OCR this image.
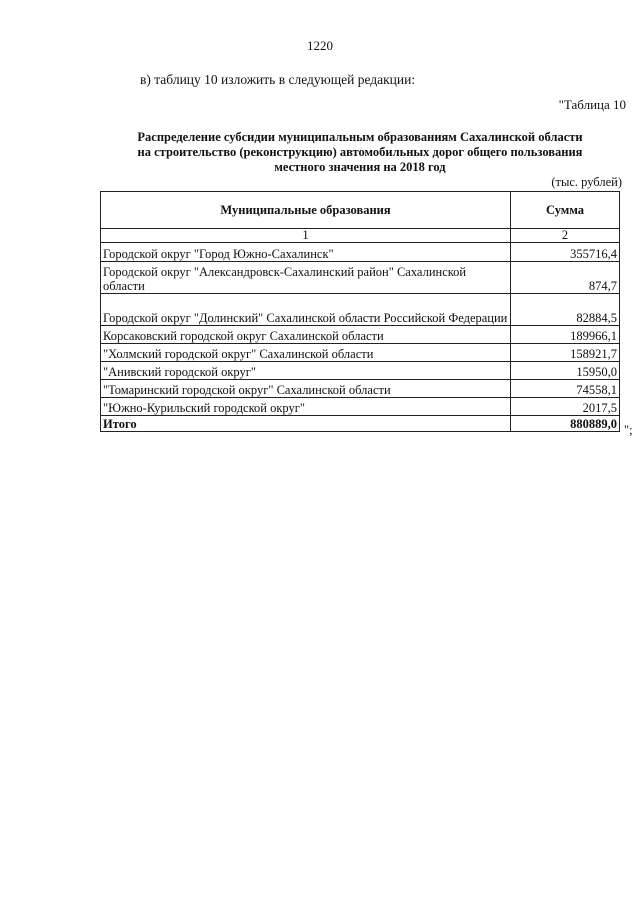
1220
в) таблицу 10 изложить в следующей редакции:
"Таблица 10
Распределение субсидии муниципальным образованиям Сахалинской области
на строительство (реконструкцию) автомобильных дорог общего пользования
местного значения на 2018 год
(тыс. рублей)
Муниципальные образования	Сумма
1	2
Городской округ "Город Южно-Сахалинск"	355716,4
Городской округ "Александровск-Сахалинский район" Сахалинской области	874,7
Городской округ "Долинский" Сахалинской области Российской Федерации	82884,5
Корсаковский городской округ Сахалинской области	189966,1
"Холмский городской округ" Сахалинской области	158921,7
"Анивский городской округ"	15950,0
"Томаринский городской округ" Сахалинской области	74558,1
"Южно-Курильский городской округ"	2017,5
Итого	880889,0 ";
